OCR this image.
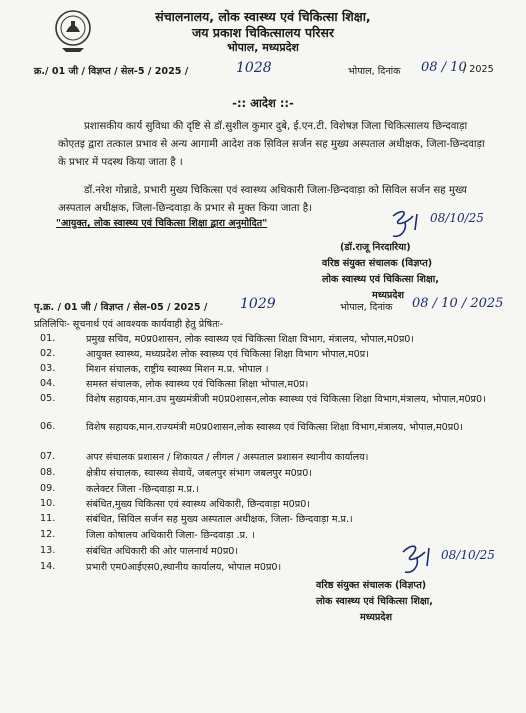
संचालनालय, लोक स्वास्थ्य एवं चिकित्सा शिक्षा,
जय प्रकाश चिकित्सालय परिसर
भोपाल, मध्यप्रदेश
क्र./ 01 जी / विज्ञप्त / सेल-5 / 2025 /	1028	भोपाल, दिनांक 08 / 10
/ 2025
-:: आदेश ::-
प्रशासकीय कार्य सुविधा की दृष्टि से डॉ.सुशील कुमार दुबे, ई.एन.टी. विशेषज्ञ जिला चिकित्सालय छिन्दवाड़ा कोएतइ द्वारा तत्काल प्रभाव से अन्य आगामी आदेश तक सिविल सर्जन सह मुख्य अस्पताल अधीक्षक, जिला-छिन्दवाड़ा के प्रभार में पदस्थ किया जाता है ।
डॉ.नरेश गोन्नाडे, प्रभारी मुख्य चिकित्सा एवं स्वास्थ्य अधिकारी जिला-छिन्दवाड़ा को सिविल सर्जन सह मुख्य अस्पताल अधीक्षक, जिला-छिन्दवाड़ा के प्रभार से मुक्त किया जाता है।
"आयुक्त, लोक स्वास्थ्य एवं चिकित्सा शिक्षा द्वारा अनुमोदित"	08/10/25
(डॉ.राजू निरदारिया)
वरिष्ठ संयुक्त संचालक (विज्ञप्त)
लोक स्वास्थ्य एवं चिकित्सा शिक्षा,
मध्यप्रदेश
पृ.क्र. / 01 जी / विज्ञप्त / सेल-05 / 2025 / 1029	भोपाल, दिनांक 08 / 10 / 2025
प्रतिलिपिः- सूचनार्थ एवं आवश्यक कार्यवाही हेतु प्रेषितः-
01.	प्रमुख सचिव, म0प्र0शासन, लोक स्वास्थ्य एवं चिकित्सा शिक्षा विभाग, मंत्रालय, भोपाल,म0प्र0।
02.	आयुक्त स्वास्थ्य, मध्यप्रदेश लोक स्वास्थ्य एवं चिकित्सा शिक्षा विभाग भोपाल,म0प्र।
03.	मिशन संचालक, राष्ट्रीय स्वास्थ्य मिशन म.प्र. भोपाल ।
04.	समस्त संचालक, लोक स्वास्थ्य एवं चिकित्सा शिक्षा भोपाल,म0प्र।
05.	विशेष सहायक,मान.उप मुख्यमंत्रीजी म0प्र0शासन,लोक स्वास्थ्य एवं चिकित्सा शिक्षा विभाग,मंत्रालय, भोपाल,म0प्र0।
06.	विशेष सहायक,मान.राज्यमंत्री म0प्र0शासन,लोक स्वास्थ्य एवं चिकित्सा शिक्षा विभाग,मंत्रालय, भोपाल,म0प्र0।
07.	अपर संचालक प्रशासन / शिकायत / लीगल / अस्पताल प्रशासन स्थानीय कार्यालय।
08.	क्षेत्रीय संचालक, स्वास्थ्य सेवायें, जबलपुर संभाग जबलपुर म0प्र0।
09.	कलेक्टर जिला -छिन्दवाड़ा म.प्र.।
10.	संबंधित,मुख्य चिकित्सा एवं स्वास्थ्य अधिकारी, छिन्दवाड़ा म0प्र0।
11.	संबंधित, सिविल सर्जन सह मुख्य अस्पताल अधीक्षक, जिला- छिन्दवाड़ा म.प्र.।
12.	जिला कोषालय अधिकारी जिला- छिन्दवाड़ा .प्र. ।
13.	संबंधित अधिकारी की ओर पालनार्थ म0प्र0।
14.	प्रभारी एम0आईएस0,स्थानीय कार्यालय, भोपाल म0प्र0।
08/10/25
वरिष्ठ संयुक्त संचालक (विज्ञप्त)
लोक स्वास्थ्य एवं चिकित्सा शिक्षा,
मध्यप्रदेश
